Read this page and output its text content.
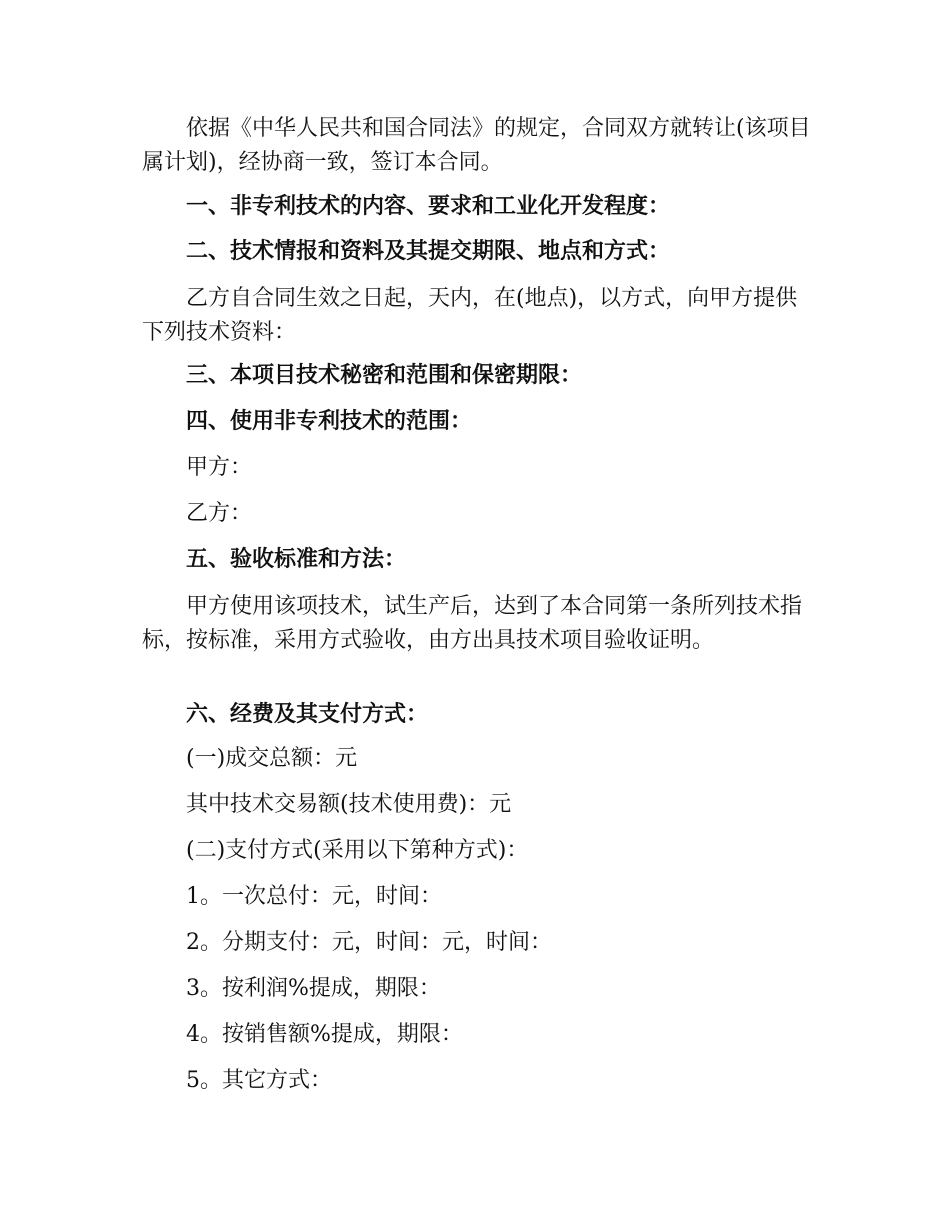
依据《中华人民共和国合同法》的规定，合同双方就转让(该项目属计划)，经协商一致，签订本合同。

一、非专利技术的内容、要求和工业化开发程度：

二、技术情报和资料及其提交期限、地点和方式：

乙方自合同生效之日起，天内，在(地点)，以方式，向甲方提供下列技术资料：

三、本项目技术秘密和范围和保密期限：

四、使用非专利技术的范围：

甲方：

乙方：

五、验收标准和方法：

甲方使用该项技术，试生产后，达到了本合同第一条所列技术指标，按标准，采用方式验收，由方出具技术项目验收证明。

六、经费及其支付方式：

(一)成交总额：元

其中技术交易额(技术使用费)：元

(二)支付方式(采用以下第种方式)：

1。一次总付：元，时间：

2。分期支付：元，时间：元，时间：

3。按利润%提成，期限：

4。按销售额%提成，期限：

5。其它方式：
